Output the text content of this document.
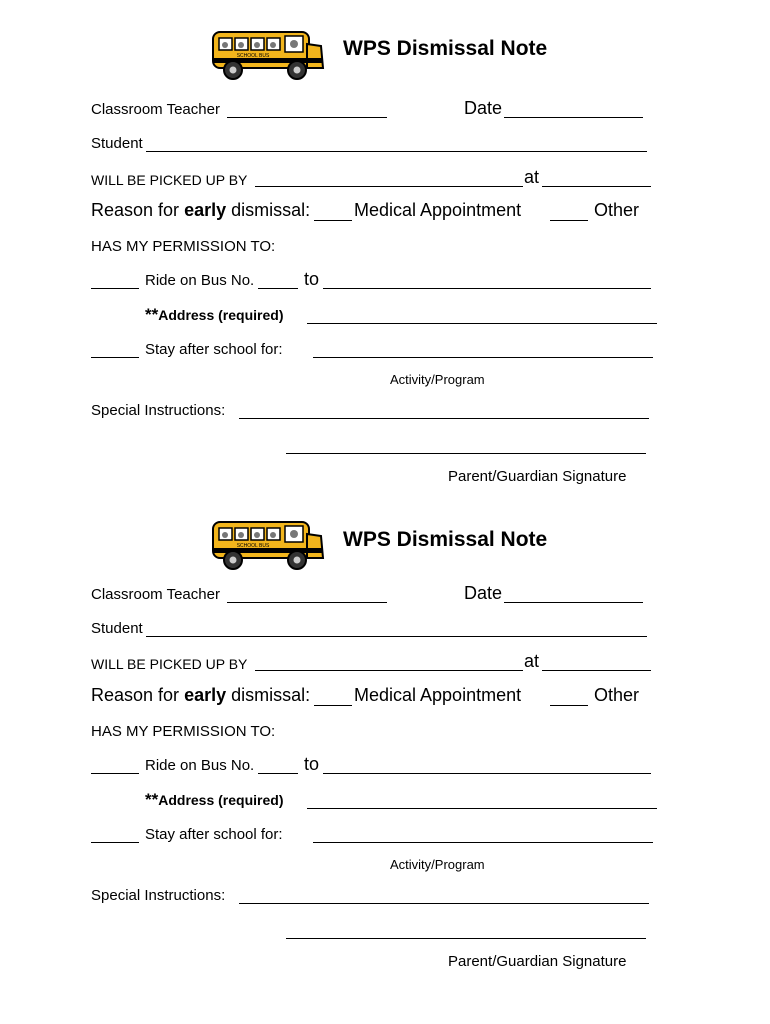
SCHOOL BUS	WPS Dismissal Note
Classroom Teacher	Date
Student
WILL BE PICKED UP BY	at
Reason for early dismissal: Medical Appointment	Other
HAS MY PERMISSION TO:
Ride on Bus No.	to
**Address (required)
Stay after school for:
Activity/Program
Special Instructions:
Parent/Guardian Signature
SCHOOL BUS	WPS Dismissal Note
Classroom Teacher	Date
Student
WILL BE PICKED UP BY	at
Reason for early dismissal: Medical Appointment	Other
HAS MY PERMISSION TO:
Ride on Bus No.	to
**Address (required)
Stay after school for:
Activity/Program
Special Instructions:
Parent/Guardian Signature
